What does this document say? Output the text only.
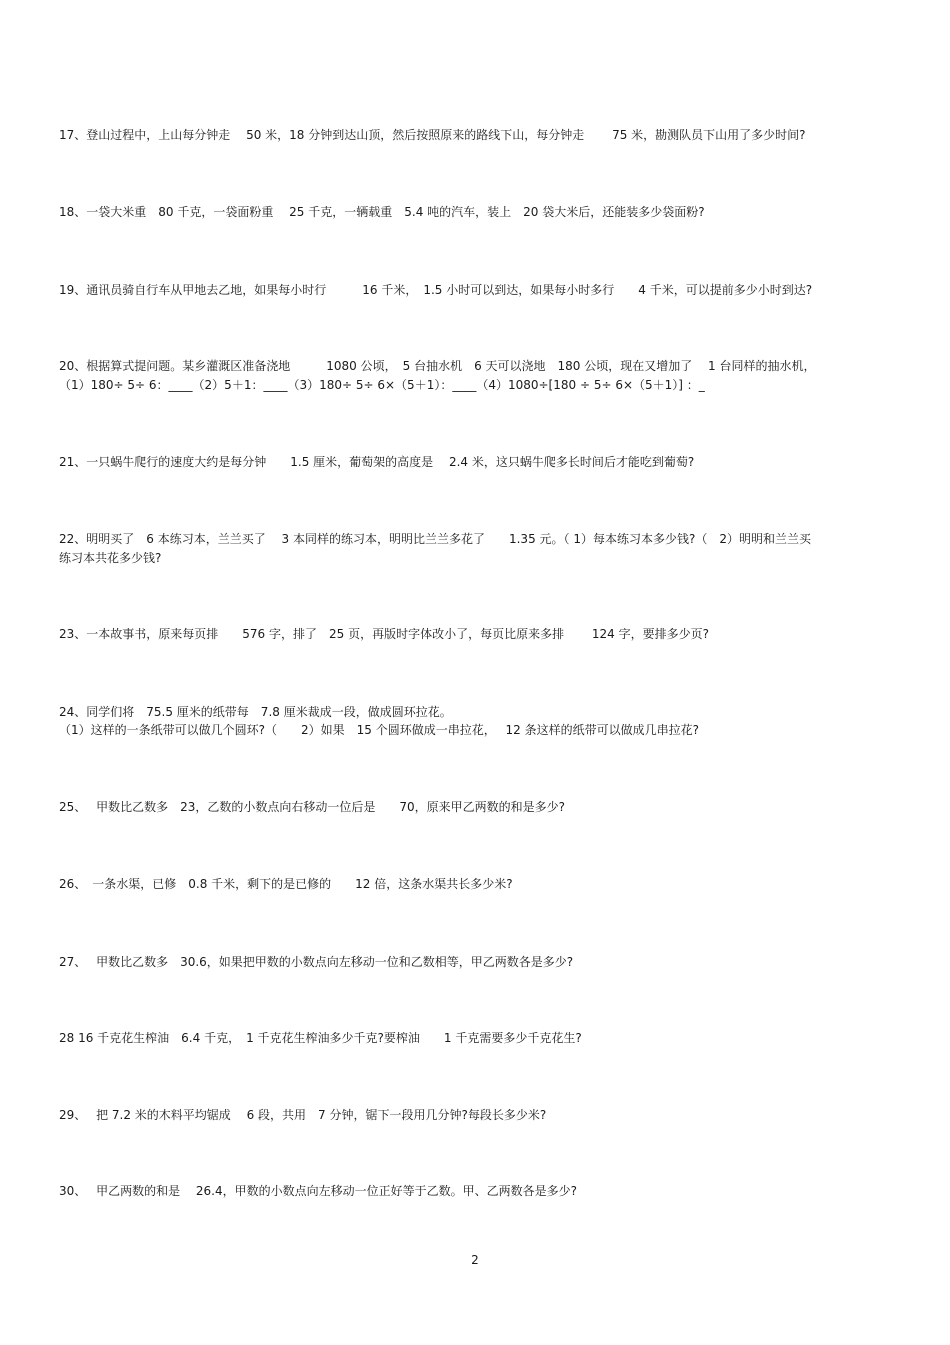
17、登山过程中，上山每分钟走　 50 米，18 分钟到达山顶，然后按照原来的路线下山，每分钟走　　 75 米，勘测队员下山用了多少时间?
18、一袋大米重　80 千克，一袋面粉重　 25 千克，一辆载重　5.4 吨的汽车，装上　20 袋大米后，还能装多少袋面粉?
19、通讯员骑自行车从甲地去乙地，如果每小时行　　　16 千米，　1.5 小时可以到达，如果每小时多行　　4 千米，可以提前多少小时到达?
20、根据算式提问题。某乡灌溉区准备浇地　　　1080 公顷，　5 台抽水机　6 天可以浇地　180 公顷，现在又增加了　 1 台同样的抽水机，
（1）180÷ 5÷ 6：____（2）5＋1：____（3）180÷ 5÷ 6×（5＋1）：____（4）1080÷[180 ÷ 5÷ 6×（5＋1）] ：_
21、一只蜗牛爬行的速度大约是每分钟　　1.5 厘米，葡萄架的高度是　 2.4 米，这只蜗牛爬多长时间后才能吃到葡萄?
22、明明买了　6 本练习本，兰兰买了　 3 本同样的练习本，明明比兰兰多花了　　1.35 元。（ 1）每本练习本多少钱?（　2）明明和兰兰买
练习本共花多少钱?
23、一本故事书，原来每页排　　576 字，排了　25 页，再版时字体改小了，每页比原来多排　　 124 字，要排多少页?
24、同学们将　75.5 厘米的纸带每　7.8 厘米裁成一段，做成圆环拉花。
（1）这样的一条纸带可以做几个圆环?（　　2）如果　15 个圆环做成一串拉花，　 12 条这样的纸带可以做成几串拉花?
25、　 甲数比乙数多　23，乙数的小数点向右移动一位后是　　70，原来甲乙两数的和是多少?
26、　一条水渠，已修　0.8 千米，剩下的是已修的　　12 倍，这条水渠共长多少米?
27、　 甲数比乙数多　30.6，如果把甲数的小数点向左移动一位和乙数相等，甲乙两数各是多少?
28 16 千克花生榨油　6.4 千克，　1 千克花生榨油多少千克?要榨油　　1 千克需要多少千克花生?
29、　 把 7.2 米的木料平均锯成　 6 段，共用　7 分钟，锯下一段用几分钟?每段长多少米?
30、　 甲乙两数的和是　 26.4，甲数的小数点向左移动一位正好等于乙数。甲、乙两数各是多少?
2
